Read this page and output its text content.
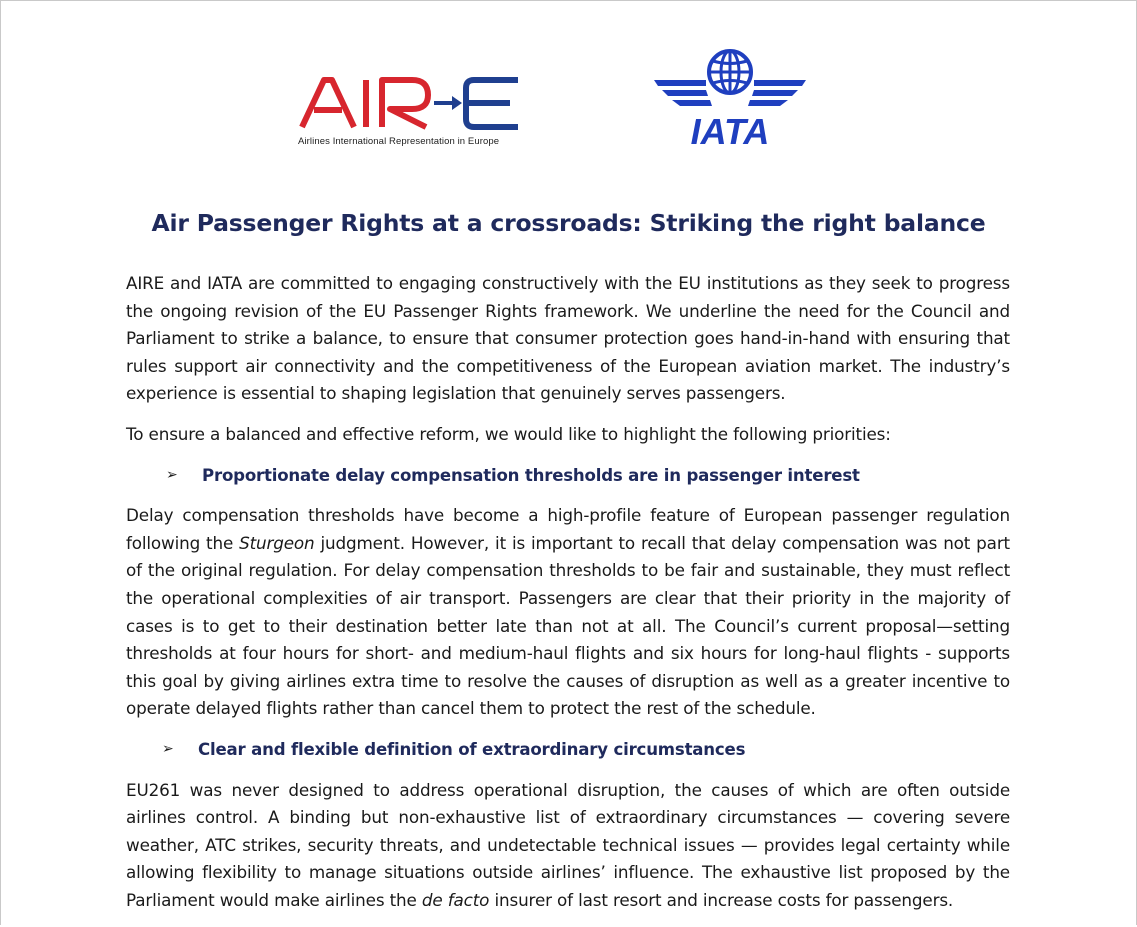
Airlines International Representation in Europe	IATA
Air Passenger Rights at a crossroads: Striking the right balance

AIRE and IATA are committed to engaging constructively with the EU institutions as they seek to progress the ongoing revision of the EU Passenger Rights framework. We underline the need for the Council and Parliament to strike a balance, to ensure that consumer protection goes hand-in-hand with ensuring that rules support air connectivity and the competitiveness of the European aviation market. The industry’s experience is essential to shaping legislation that genuinely serves passengers.

To ensure a balanced and effective reform, we would like to highlight the following priorities:

➢ Proportionate delay compensation thresholds are in passenger interest

Delay compensation thresholds have become a high-profile feature of European passenger regulation following the Sturgeon judgment. However, it is important to recall that delay compensation was not part of the original regulation. For delay compensation thresholds to be fair and sustainable, they must reflect the operational complexities of air transport. Passengers are clear that their priority in the majority of cases is to get to their destination better late than not at all. The Council’s current proposal—setting thresholds at four hours for short- and medium-haul flights and six hours for long-haul flights - supports this goal by giving airlines extra time to resolve the causes of disruption as well as a greater incentive to operate delayed flights rather than cancel them to protect the rest of the schedule.

➢ Clear and flexible definition of extraordinary circumstances

EU261 was never designed to address operational disruption, the causes of which are often outside airlines control. A binding but non-exhaustive list of extraordinary circumstances — covering severe weather, ATC strikes, security threats, and undetectable technical issues — provides legal certainty while allowing flexibility to manage situations outside airlines’ influence. The exhaustive list proposed by the Parliament would make airlines the de facto insurer of last resort and increase costs for passengers.
